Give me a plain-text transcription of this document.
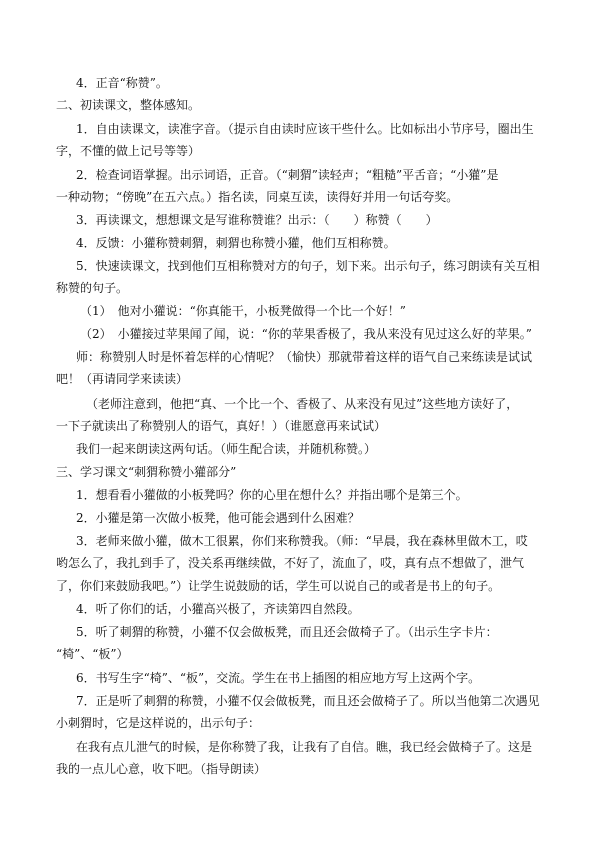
4．正音“称赞”。
二、初读课文，整体感知。
1．自由读课文，读准字音。（提示自由读时应该干些什么。比如标出小节序号，圈出生
字，不懂的做上记号等等）
2．检查词语掌握。出示词语，正音。（“刺猬”读轻声；“粗糙”平舌音；“小獾”是
一种动物；“傍晚”在五六点。）指名读，同桌互读，读得好并用一句话夸奖。
3．再读课文，想想课文是写谁称赞谁？出示：（　　）称赞（　　）
4．反馈：小獾称赞刺猬，刺猬也称赞小獾，他们互相称赞。
5．快速读课文，找到他们互相称赞对方的句子，划下来。出示句子，练习朗读有关互相
称赞的句子。
（1）　他对小獾说：“你真能干，小板凳做得一个比一个好！”
（2）　小獾接过苹果闻了闻，说：“你的苹果香极了，我从来没有见过这么好的苹果。”
师：称赞别人时是怀着怎样的心情呢？（愉快）那就带着这样的语气自己来练读是试试
吧！（再请同学来读读）
（老师注意到，他把“真、一个比一个、香极了、从来没有见过”这些地方读好了，
一下子就读出了称赞别人的语气，真好！）（谁愿意再来试试）
我们一起来朗读这两句话。（师生配合读，并随机称赞。）
三、学习课文“刺猬称赞小獾部分”
1．想看看小獾做的小板凳吗？你的心里在想什么？并指出哪个是第三个。
2．小獾是第一次做小板凳，他可能会遇到什么困难？
3．老师来做小獾，做木工很累，你们来称赞我。（师：“早晨，我在森林里做木工，哎
哟怎么了，我扎到手了，没关系再继续做，不好了，流血了，哎，真有点不想做了，泄气
了，你们来鼓励我吧。”）让学生说鼓励的话，学生可以说自己的或者是书上的句子。
4．听了你们的话，小獾高兴极了，齐读第四自然段。
5．听了刺猬的称赞，小獾不仅会做板凳，而且还会做椅子了。（出示生字卡片：
“椅”、“板”）
6．书写生字“椅”、“板”，交流。学生在书上插图的相应地方写上这两个字。
7．正是听了刺猬的称赞，小獾不仅会做板凳，而且还会做椅子了。所以当他第二次遇见
小刺猬时，它是这样说的，出示句子：
在我有点儿泄气的时候，是你称赞了我，让我有了自信。瞧，我已经会做椅子了。这是
我的一点儿心意，收下吧。（指导朗读）
